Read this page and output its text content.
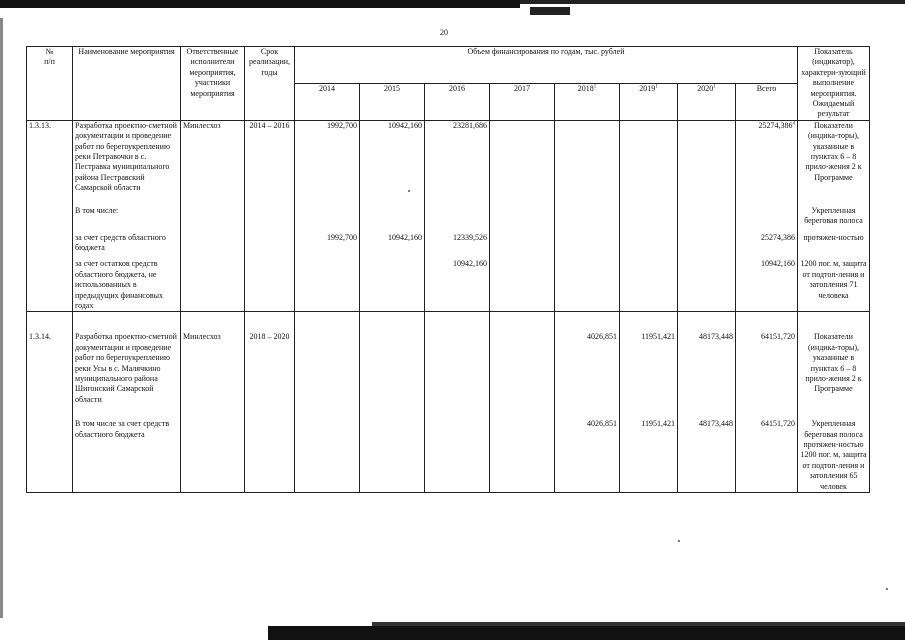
20
№
п/п	Наименование мероприятия	Ответственные исполнители мероприятия, участники мероприятия	Срок реализации, годы	Объем финансирования по годам, тыс. рублей								Показатель (индикатор), характери-зующий выполнение мероприятия. Ожидаемый результат
				2014	2015	2016	2017	2018$^1$	2019$^1$	2020$^1$	Всего	
1.3.13.	Разработка проектно-сметной документации и проведение работ по берегоукреплению реки Петравочки в с. Пестравка муниципального района Пестравский Самарской области	Минлесхоз	2014 – 2016	1992,700	10942,160	23281,686					25274,386$^4$	Показатели (индика-торы), указанные в пунктах 6 – 8 прило-жения 2 к Программе
	В том числе:											Укрепленная береговая полоса
	за счет средств областного бюджета			1992,700	10942,160	12339,526					25274,386	протяжен-ностью
	за счет остатков средств областного бюджета, не использованных в предыдущих финансовых годах					10942,160					10942,160	1200 пог. м, защита от подтоп-ления и затопления 71 человека
1.3.14.	Разработка проектно-сметной документации и проведение работ по берегоукреплению реки Усы в с. Малячкино муниципального района Шигонский Самарской области	Минлесхоз	2018 – 2020					4026,851	11951,421	48173,448	64151,720	Показатели (индика-торы), указанные в пунктах 6 – 8 прило-жения 2 к Программе
	В том числе за счет средств областного бюджета							4026,851	11951,421	48173,448	64151,720	Укрепленная береговая полоса протяжен-ностью 1200 пог. м, защита от подтоп-ления и затопления 65 человек
